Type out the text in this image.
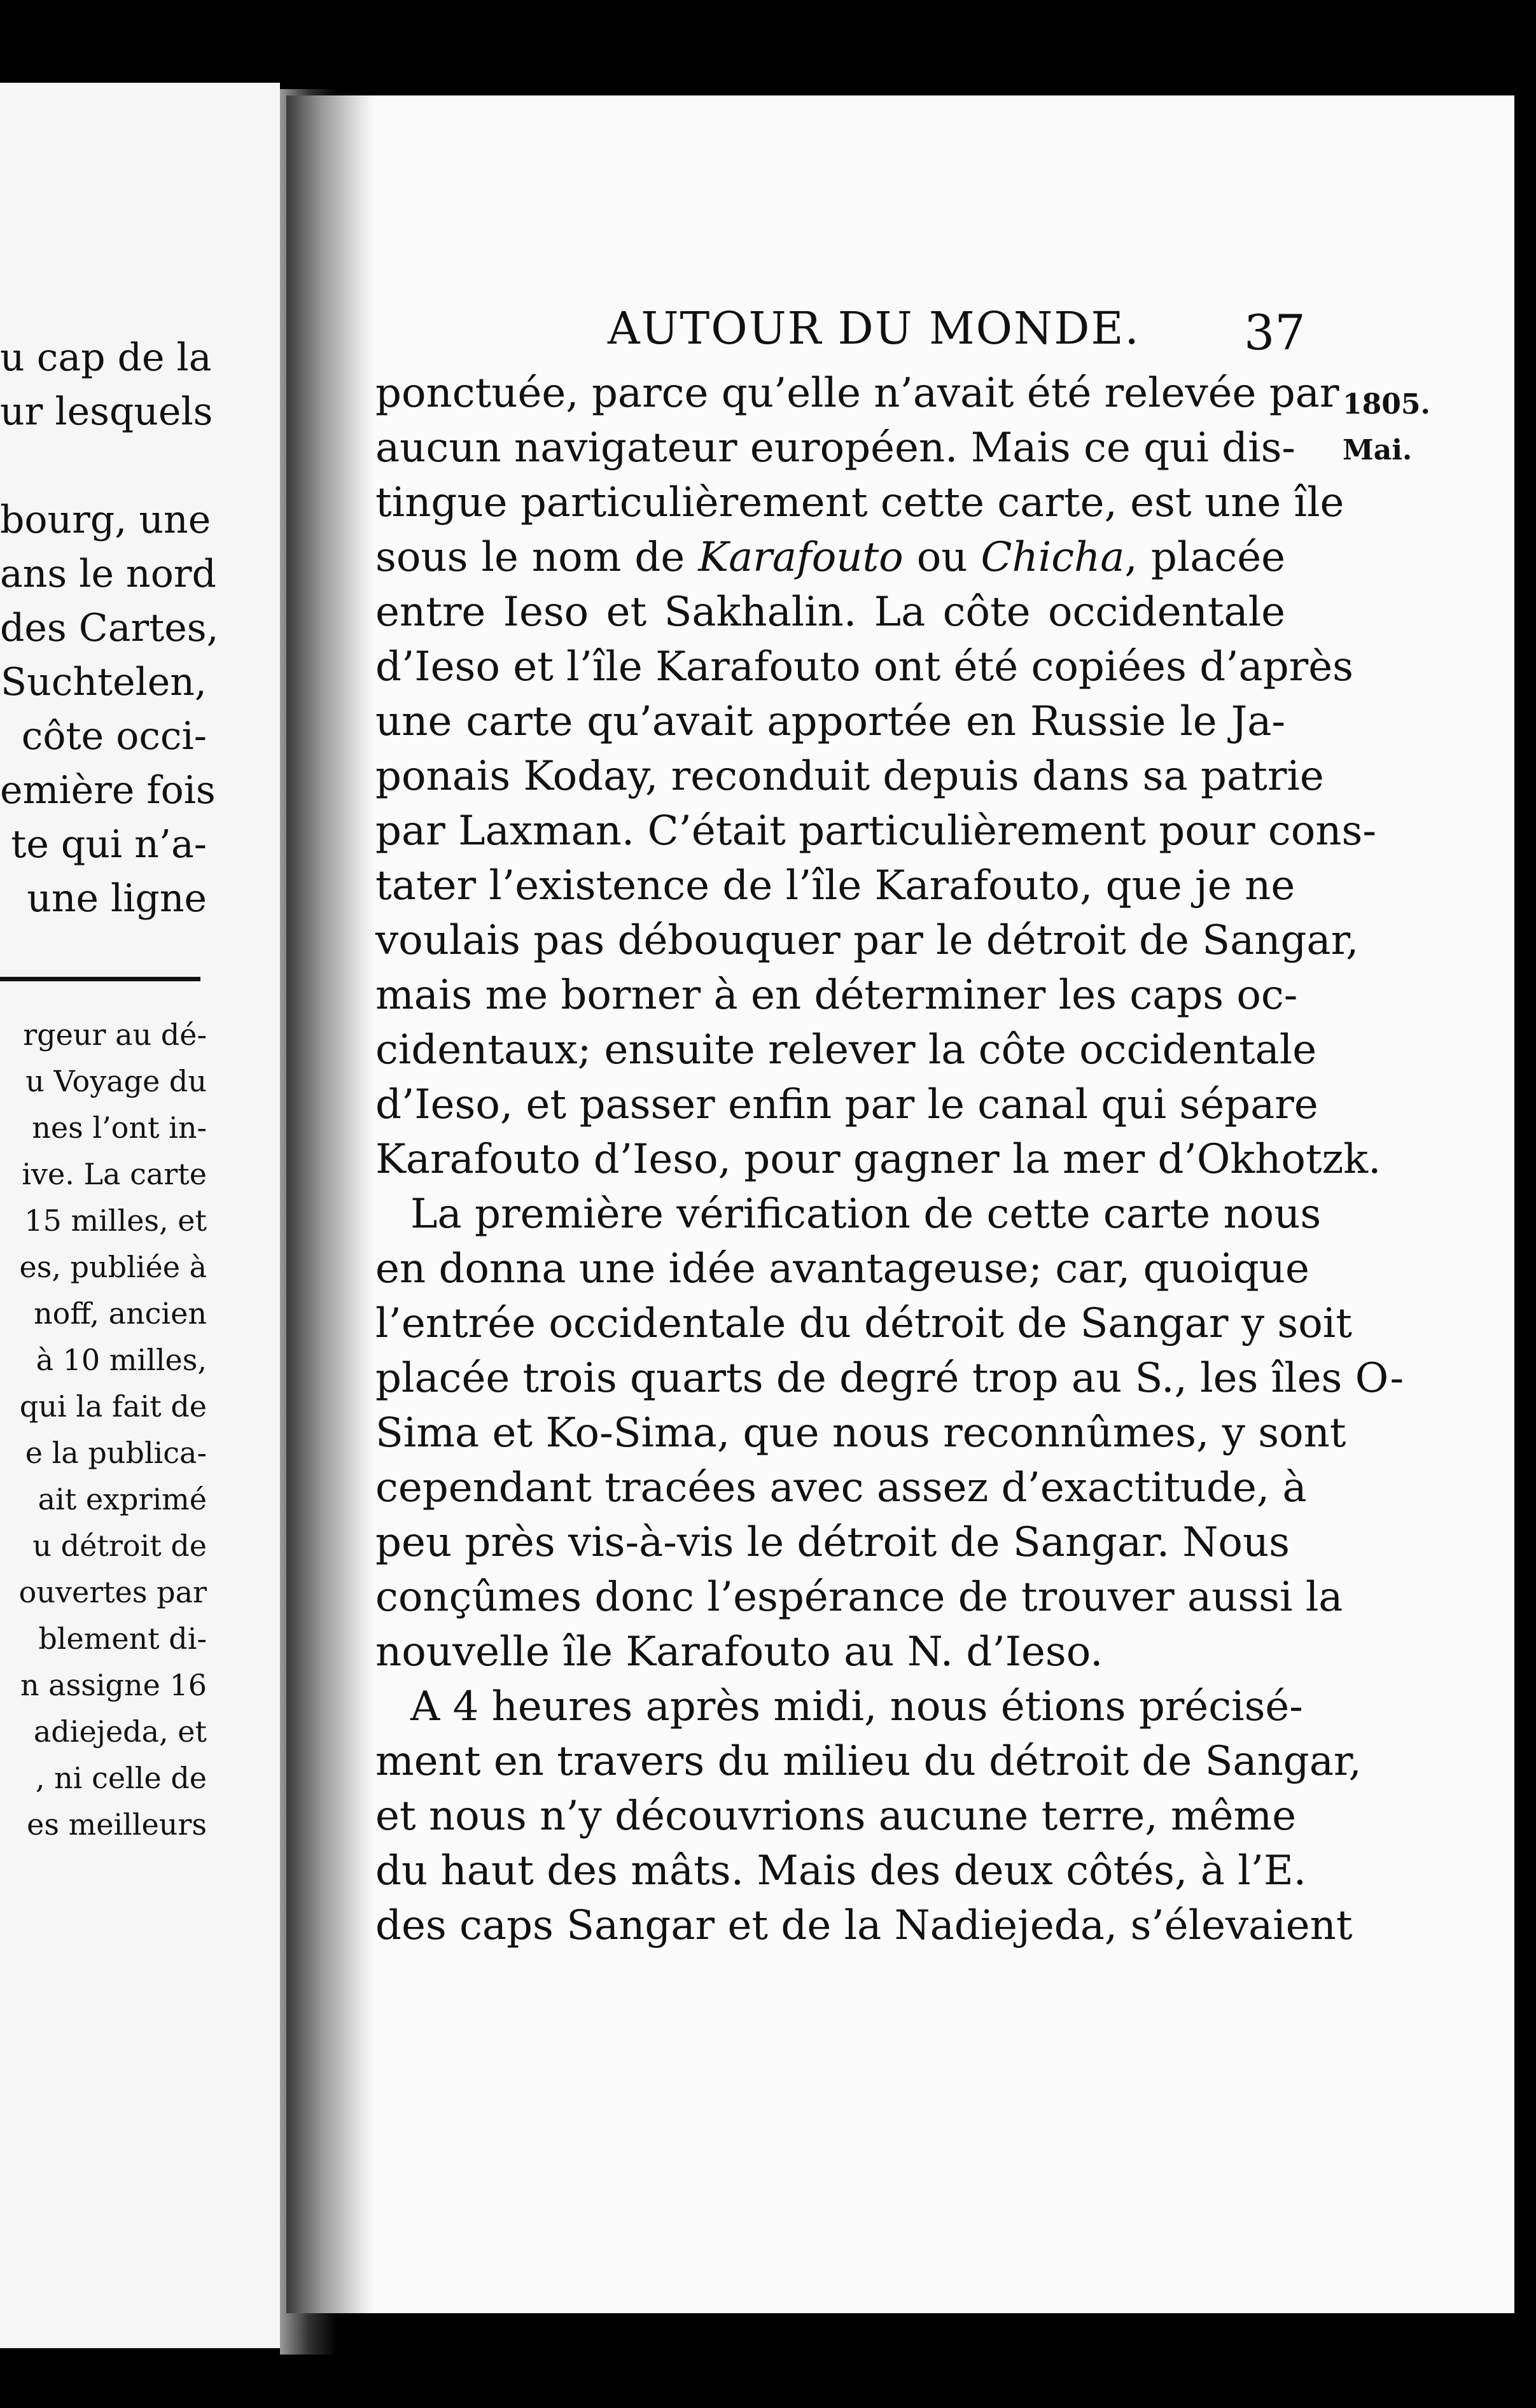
u cap de la
ur lesquels
bourg, une
ans le nord
des Cartes,
Suchtelen,
côte occi-
emière fois
te qui n’a-
une ligne
rgeur au dé-
u Voyage du
nes l’ont in-
ive. La carte
15 milles, et
es, publiée à
noff, ancien
à 10 milles,
qui la fait de
e la publica-
ait exprimé
u détroit de
ouvertes par
blement di-
n assigne 16
adiejeda, et
, ni celle de
es meilleurs
AUTOUR DU MONDE. 37
1805.
Mai.
ponctuée, parce qu’elle n’avait été relevée par
aucun navigateur européen. Mais ce qui dis-
tingue particulièrement cette carte, est une île
sous le nom de Karafouto ou Chicha, placée
entre Ieso et Sakhalin. La côte occidentale
d’Ieso et l’île Karafouto ont été copiées d’après
une carte qu’avait apportée en Russie le Ja-
ponais Koday, reconduit depuis dans sa patrie
par Laxman. C’était particulièrement pour cons-
tater l’existence de l’île Karafouto, que je ne
voulais pas débouquer par le détroit de Sangar,
mais me borner à en déterminer les caps oc-
cidentaux; ensuite relever la côte occidentale
d’Ieso, et passer enfin par le canal qui sépare
Karafouto d’Ieso, pour gagner la mer d’Okhotzk.
La première vérification de cette carte nous
en donna une idée avantageuse; car, quoique
l’entrée occidentale du détroit de Sangar y soit
placée trois quarts de degré trop au S., les îles O-
Sima et Ko-Sima, que nous reconnûmes, y sont
cependant tracées avec assez d’exactitude, à
peu près vis-à-vis le détroit de Sangar. Nous
conçûmes donc l’espérance de trouver aussi la
nouvelle île Karafouto au N. d’Ieso.
A 4 heures après midi, nous étions précisé-
ment en travers du milieu du détroit de Sangar,
et nous n’y découvrions aucune terre, même
du haut des mâts. Mais des deux côtés, à l’E.
des caps Sangar et de la Nadiejeda, s’élevaient
